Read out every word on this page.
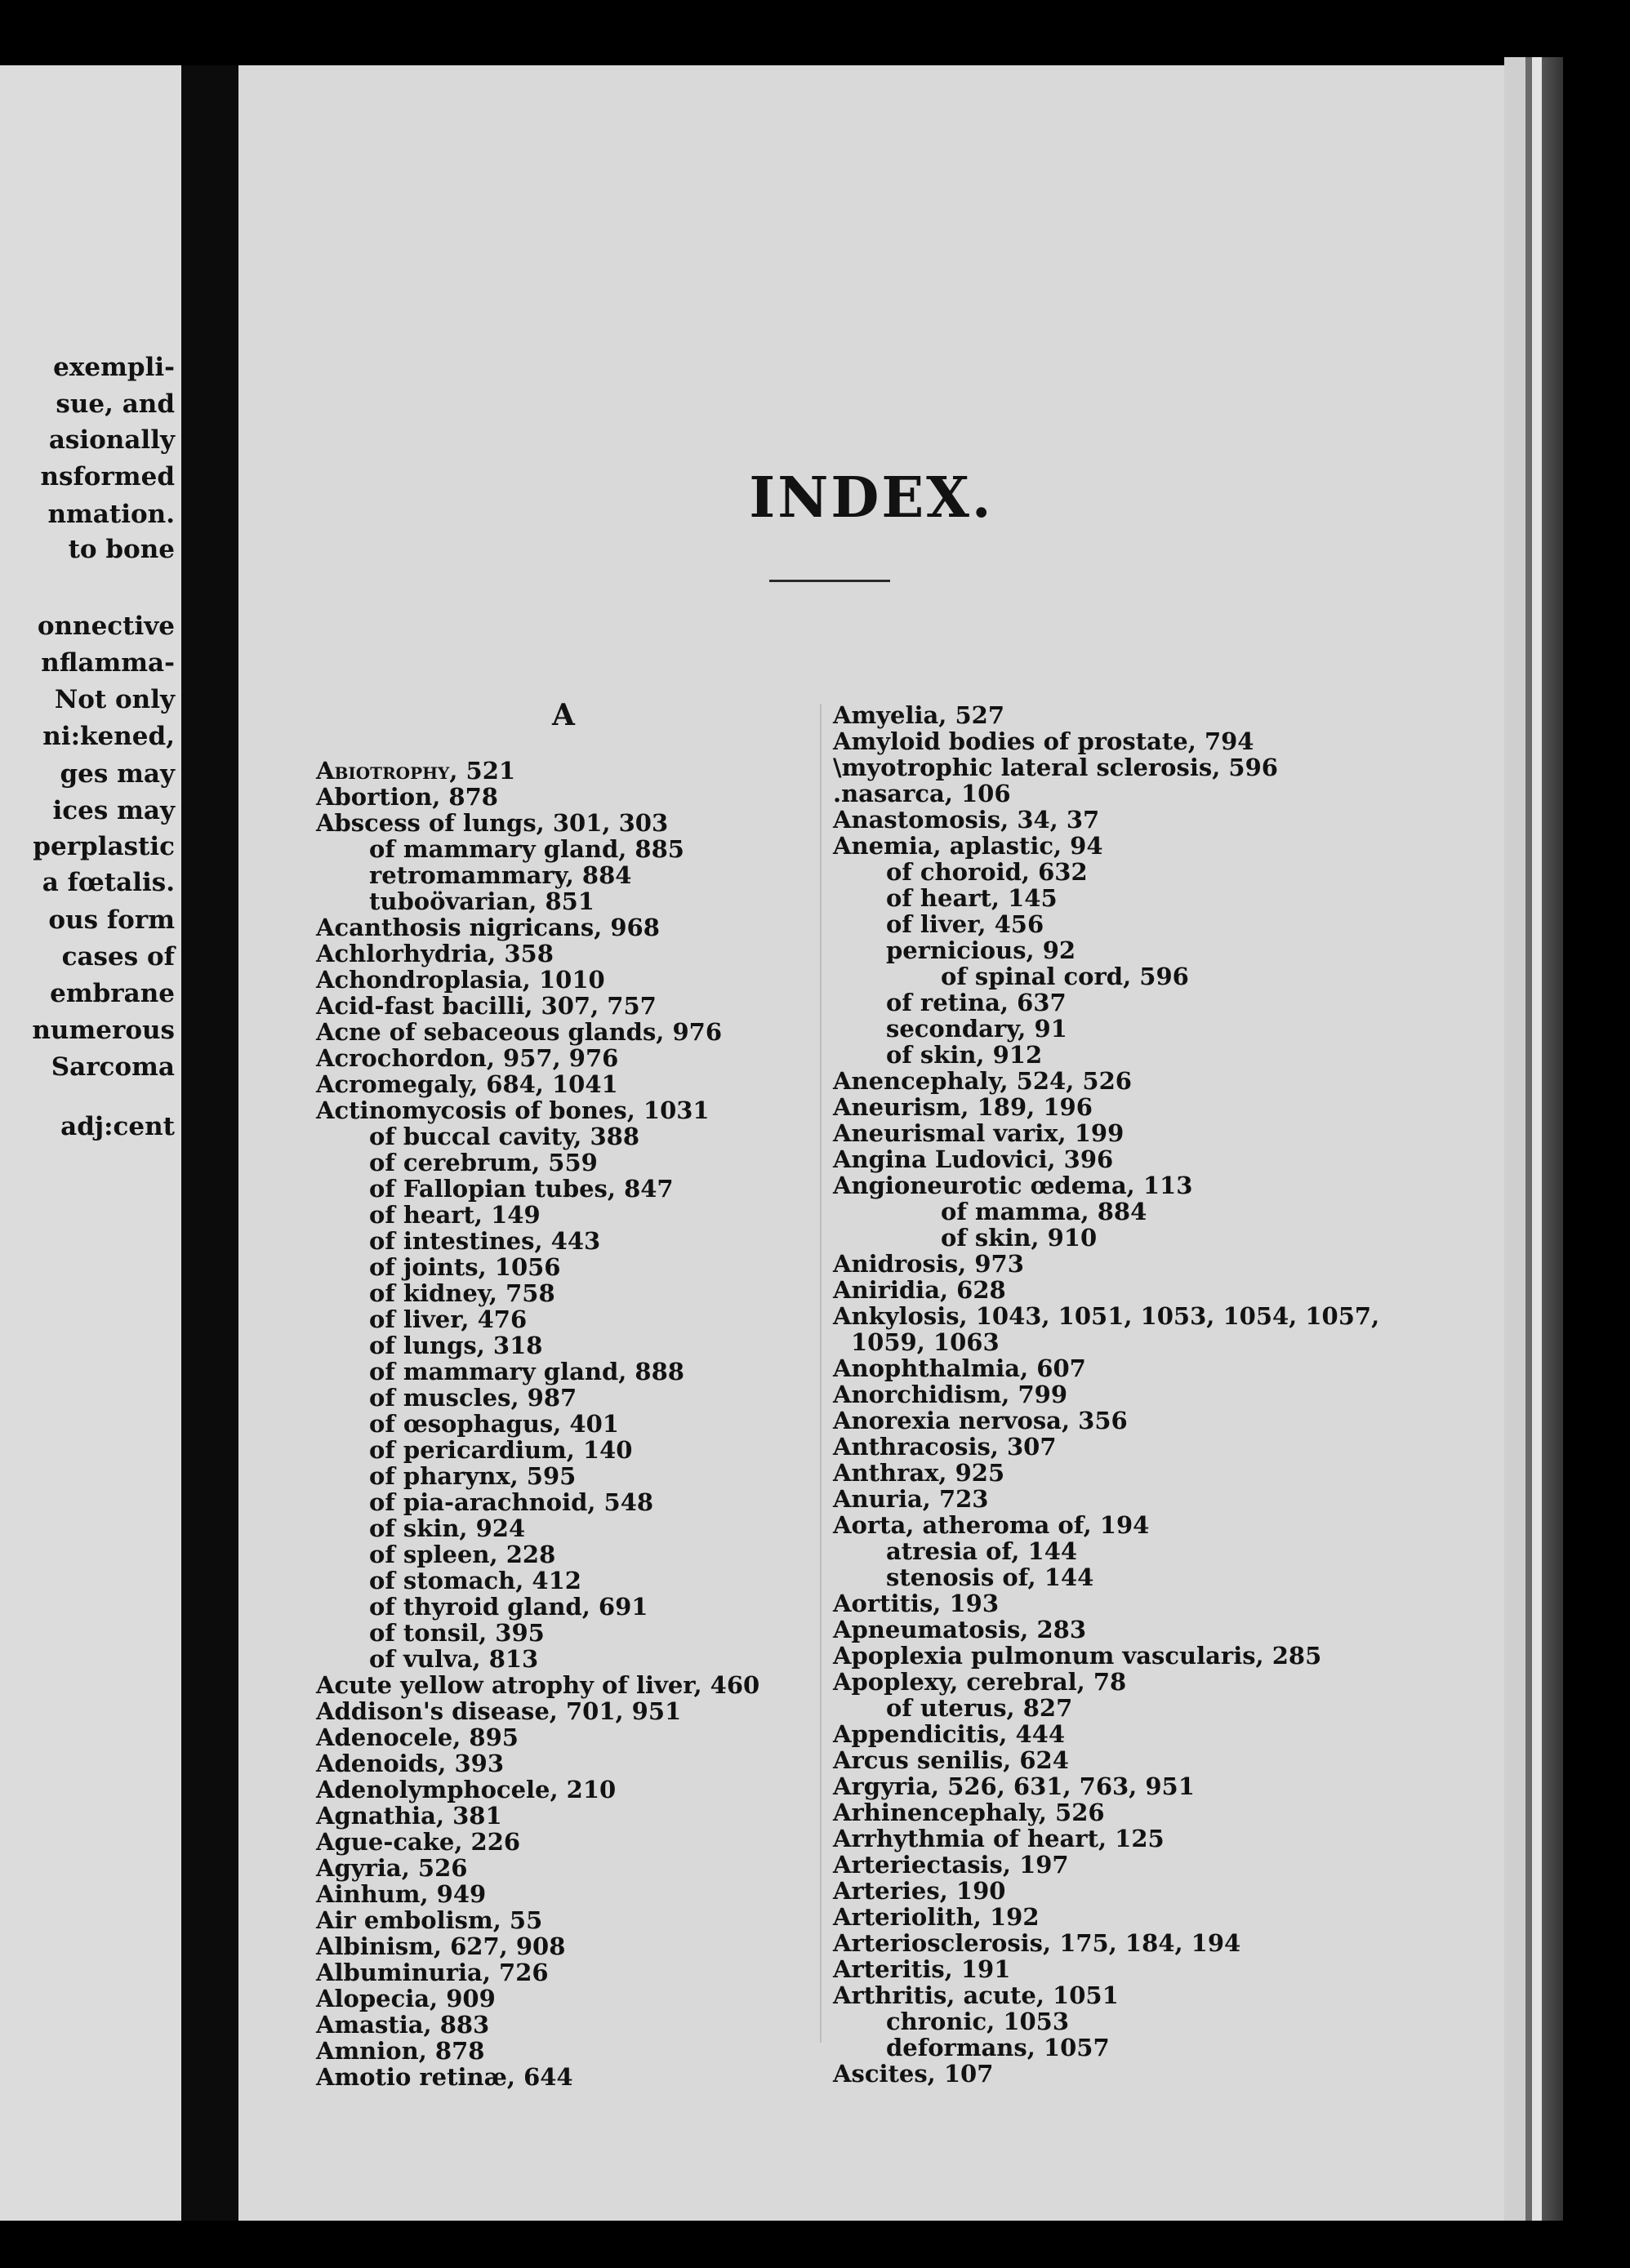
exempli-
sue, and
asionally
nsformed
nmation.
to bone
onnective
nflamma-
Not only
ni:kened,
ges may
ices may
perplastic
a fœtalis.
ous form
cases of
embrane
numerous
Sarcoma
adj:cent
INDEX.
A
Abiotrophy, 521
Abortion, 878
Abscess of lungs, 301, 303
of mammary gland, 885
retromammary, 884
tuboövarian, 851
Acanthosis nigricans, 968
Achlorhydria, 358
Achondroplasia, 1010
Acid-fast bacilli, 307, 757
Acne of sebaceous glands, 976
Acrochordon, 957, 976
Acromegaly, 684, 1041
Actinomycosis of bones, 1031
of buccal cavity, 388
of cerebrum, 559
of Fallopian tubes, 847
of heart, 149
of intestines, 443
of joints, 1056
of kidney, 758
of liver, 476
of lungs, 318
of mammary gland, 888
of muscles, 987
of œsophagus, 401
of pericardium, 140
of pharynx, 595
of pia-arachnoid, 548
of skin, 924
of spleen, 228
of stomach, 412
of thyroid gland, 691
of tonsil, 395
of vulva, 813
Acute yellow atrophy of liver, 460
Addison's disease, 701, 951
Adenocele, 895
Adenoids, 393
Adenolymphocele, 210
Agnathia, 381
Ague-cake, 226
Agyria, 526
Ainhum, 949
Air embolism, 55
Albinism, 627, 908
Albuminuria, 726
Alopecia, 909
Amastia, 883
Amnion, 878
Amotio retinæ, 644
Amyelia, 527
Amyloid bodies of prostate, 794
\myotrophic lateral sclerosis, 596
.nasarca, 106
Anastomosis, 34, 37
Anemia, aplastic, 94
of choroid, 632
of heart, 145
of liver, 456
pernicious, 92
of spinal cord, 596
of retina, 637
secondary, 91
of skin, 912
Anencephaly, 524, 526
Aneurism, 189, 196
Aneurismal varix, 199
Angina Ludovici, 396
Angioneurotic œdema, 113
of mamma, 884
of skin, 910
Anidrosis, 973
Aniridia, 628
Ankylosis, 1043, 1051, 1053, 1054, 1057,
1059, 1063
Anophthalmia, 607
Anorchidism, 799
Anorexia nervosa, 356
Anthracosis, 307
Anthrax, 925
Anuria, 723
Aorta, atheroma of, 194
atresia of, 144
stenosis of, 144
Aortitis, 193
Apneumatosis, 283
Apoplexia pulmonum vascularis, 285
Apoplexy, cerebral, 78
of uterus, 827
Appendicitis, 444
Arcus senilis, 624
Argyria, 526, 631, 763, 951
Arhinencephaly, 526
Arrhythmia of heart, 125
Arteriectasis, 197
Arteries, 190
Arteriolith, 192
Arteriosclerosis, 175, 184, 194
Arteritis, 191
Arthritis, acute, 1051
chronic, 1053
deformans, 1057
Ascites, 107
